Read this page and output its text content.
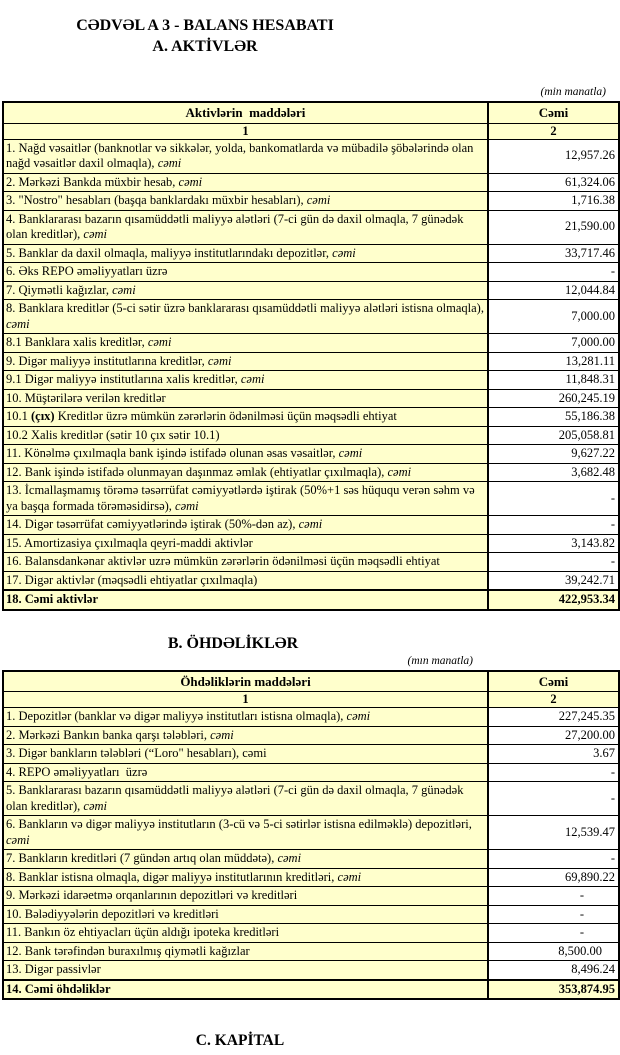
CƏDVƏL A 3 - BALANS HESABATI
A. AKTİVLƏR
(min manatla)
Aktivlərin  maddələri	Cəmi
1	2
1. Nağd vəsaitlər (banknotlar və sikkələr, yolda, bankomatlarda və mübadilə şöbələrində olan nağd vəsaitlər daxil olmaqla), cəmi	12,957.26
2. Mərkəzi Bankda müxbir hesab, cəmi	61,324.06
3. "Nostro" hesabları (başqa banklardakı müxbir hesabları), cəmi	1,716.38
4. Banklararası bazarın qısamüddətli maliyyə alətləri (7-ci gün də daxil olmaqla, 7 günədək olan kreditlər), cəmi	21,590.00
5. Banklar da daxil olmaqla, maliyyə institutlarındakı depozitlər, cəmi	33,717.46
6. Əks REPO əməliyyatları üzrə	-
7. Qiymətli kağızlar, cəmi	12,044.84
8. Banklara kreditlər (5-ci sətir üzrə banklararası qısamüddətli maliyyə alətləri istisna olmaqla), cəmi	7,000.00
8.1 Banklara xalis kreditlər, cəmi	7,000.00
9. Digər maliyyə institutlarına kreditlər, cəmi	13,281.11
9.1 Digər maliyyə institutlarına xalis kreditlər, cəmi	11,848.31
10. Müştərilərə verilən kreditlər	260,245.19
10.1 (çıx) Kreditlər üzrə mümkün zərərlərin ödənilməsi üçün məqsədli ehtiyat	55,186.38
10.2 Xalis kreditlər (sətir 10 çıx sətir 10.1)	205,058.81
11. Könəlmə çıxılmaqla bank işində istifadə olunan əsas vəsaitlər, cəmi	9,627.22
12. Bank işində istifadə olunmayan daşınmaz əmlak (ehtiyatlar çıxılmaqla), cəmi	3,682.48
13. İcmallaşmamış törəmə təsərrüfat cəmiyyətlərdə iştirak (50%+1 səs hüququ verən səhm və ya başqa formada törəməsidirsə), cəmi	-
14. Digər təsərrüfat cəmiyyətlərində iştirak (50%-dən az), cəmi	-
15. Amortizasiya çıxılmaqla qeyri-maddi aktivlər	3,143.82
16. Balansdankənar aktivlər uzrə mümkün zərərlərin ödənilməsi üçün məqsədli ehtiyat	-
17. Digər aktivlər (məqsədli ehtiyatlar çıxılmaqla)	39,242.71
18. Cəmi aktivlər	422,953.34
B. ÖHDƏLİKLƏR
(mın manatla)
Öhdəliklərin maddələri	Cəmi
1	2
1. Depozitlər (banklar və digər maliyyə institutları istisna olmaqla), cəmi	227,245.35
2. Mərkəzi Bankın banka qarşı tələbləri, cəmi	27,200.00
3. Digər bankların tələbləri (“Loro" hesabları), cəmi	3.67
4. REPO əməliyyatları  üzrə	-
5. Banklararası bazarın qısamüddətli maliyyə alətləri (7-ci gün də daxil olmaqla, 7 günədək olan kreditlər), cəmi	-
6. Bankların və digər maliyyə institutların (3-cü və 5-ci sətirlər istisna edilməklə) depozitləri, cəmi	12,539.47
7. Bankların kreditləri (7 gündən artıq olan müddətə), cəmi	-
8. Banklar istisna olmaqla, digər maliyyə institutlarının kreditləri, cəmi	69,890.22
9. Mərkəzi idarəetmə orqanlarının depozitləri və kreditləri	-
10. Bələdiyyələrin depozitləri və kreditləri	-
11. Bankın öz ehtiyacları üçün aldığı ipoteka kreditləri	-
12. Bank tərəfindən buraxılmış qiymətli kağızlar	8,500.00
13. Digər passivlər	8,496.24
14. Cəmi öhdəliklər	353,874.95
C. KAPİTAL
